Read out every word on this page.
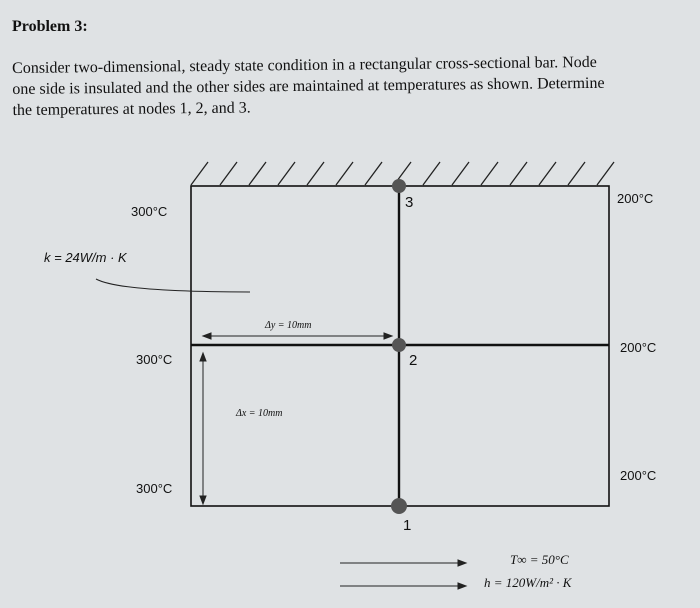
Problem 3:
Consider two-dimensional, steady state condition in a rectangular cross-sectional bar. Node
one side is insulated and the other sides are maintained at temperatures as shown. Determine
the temperatures at nodes 1, 2, and 3.
300°C
300°C
300°C
200°C
200°C
200°C
1
2
3
k = 24W/m · K
Δy = 10mm
Δx = 10mm
T∞ = 50°C
h = 120W/m² · K
